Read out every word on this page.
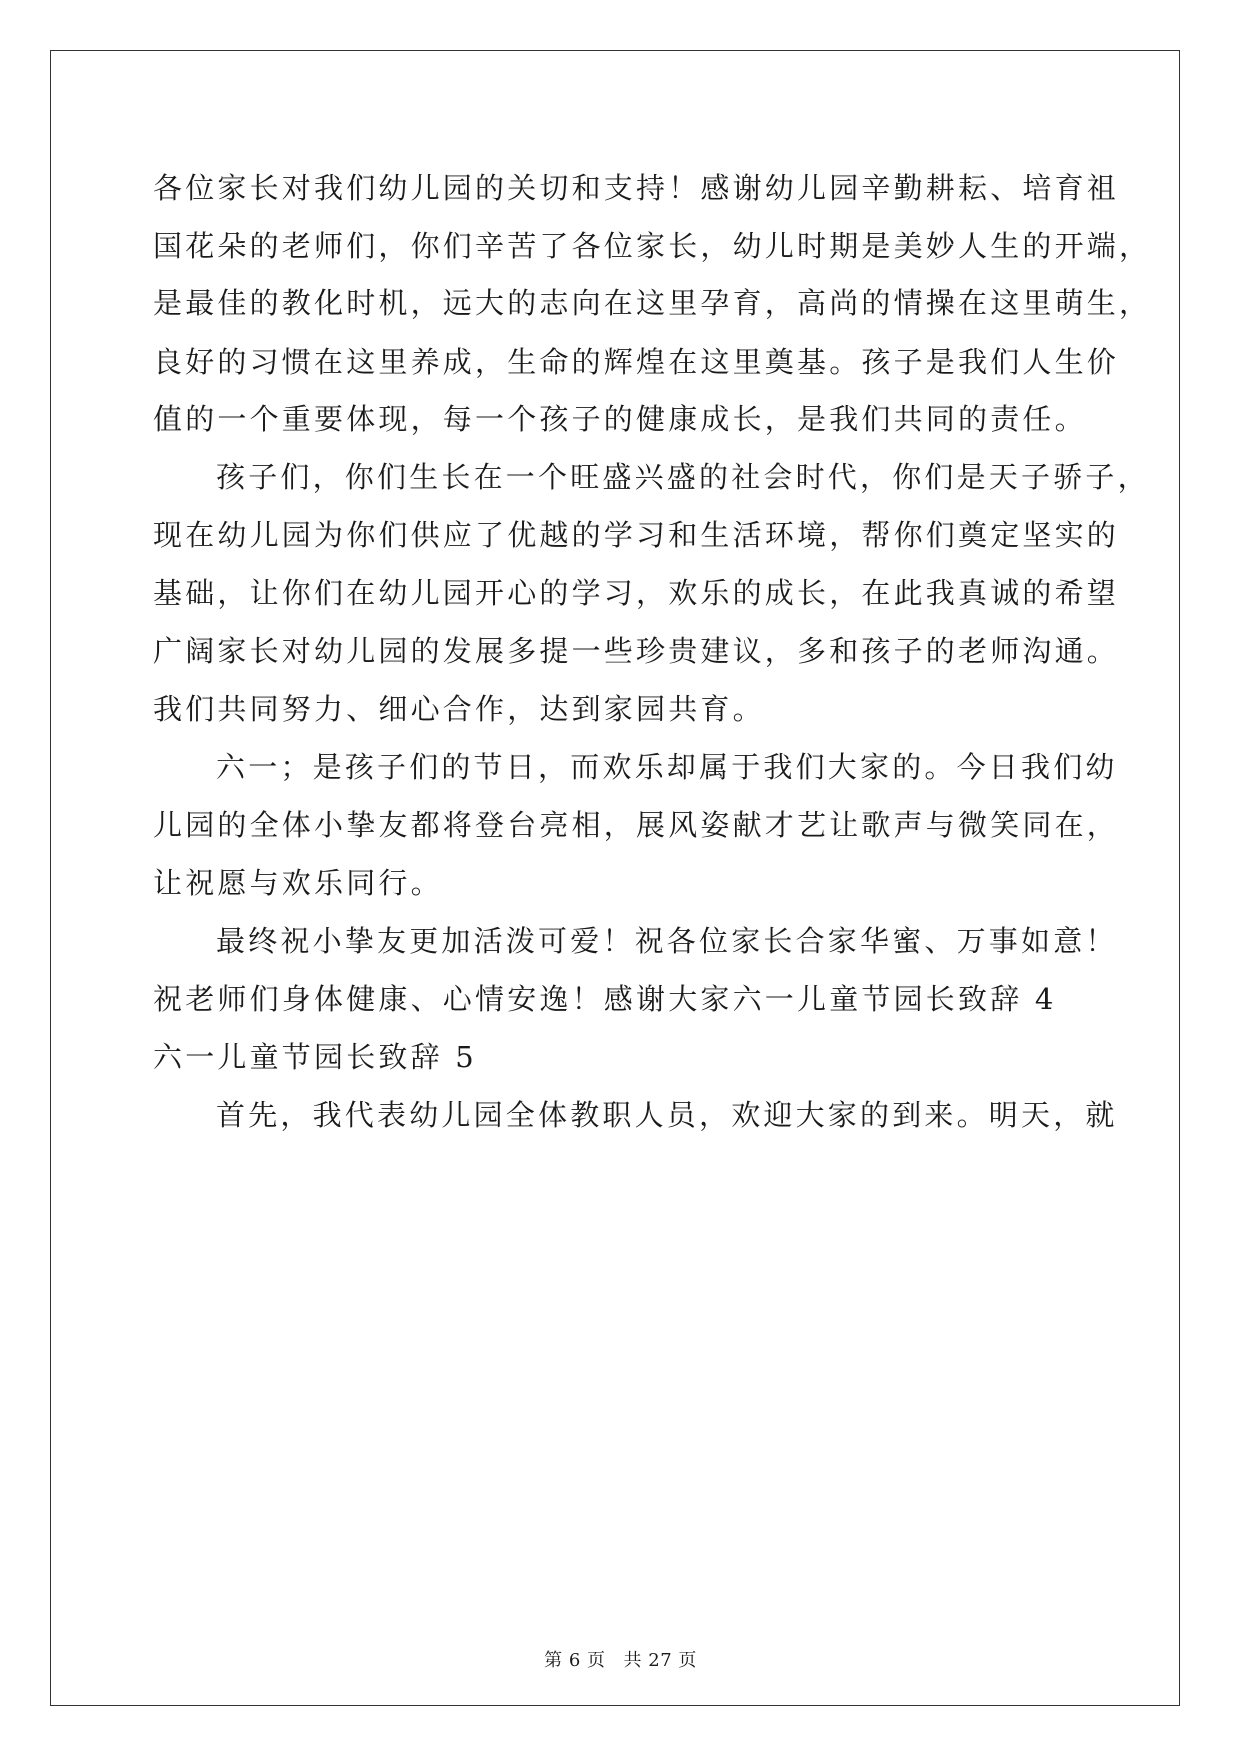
各位家长对我们幼儿园的关切和支持！感谢幼儿园辛勤耕耘、培育祖
国花朵的老师们，你们辛苦了各位家长，幼儿时期是美妙人生的开端，
是最佳的教化时机，远大的志向在这里孕育，高尚的情操在这里萌生，
良好的习惯在这里养成，生命的辉煌在这里奠基。孩子是我们人生价
值的一个重要体现，每一个孩子的健康成长，是我们共同的责任。
孩子们，你们生长在一个旺盛兴盛的社会时代，你们是天子骄子，
现在幼儿园为你们供应了优越的学习和生活环境，帮你们奠定坚实的
基础，让你们在幼儿园开心的学习，欢乐的成长，在此我真诚的希望
广阔家长对幼儿园的发展多提一些珍贵建议，多和孩子的老师沟通。
我们共同努力、细心合作，达到家园共育。
六一；是孩子们的节日，而欢乐却属于我们大家的。今日我们幼
儿园的全体小挚友都将登台亮相，展风姿献才艺让歌声与微笑同在，
让祝愿与欢乐同行。
最终祝小挚友更加活泼可爱！祝各位家长合家华蜜、万事如意！
祝老师们身体健康、心情安逸！感谢大家六一儿童节园长致辞 4
六一儿童节园长致辞 5
首先，我代表幼儿园全体教职人员，欢迎大家的到来。明天，就
第 6 页 共 27 页
